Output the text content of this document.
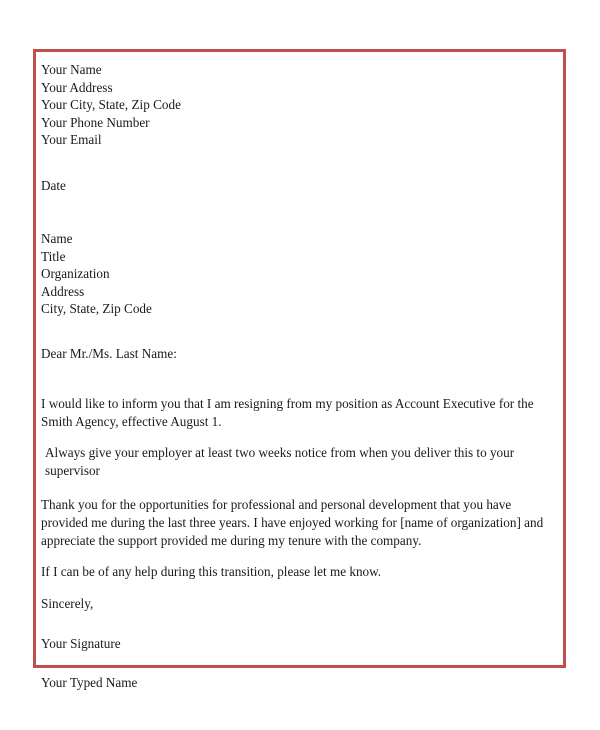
Your Name
Your Address
Your City, State, Zip Code
Your Phone Number
Your Email
Date
Name
Title
Organization
Address
City, State, Zip Code
Dear Mr./Ms. Last Name:

I would like to inform you that I am resigning from my position as Account Executive for the Smith Agency, effective August 1.

Always give your employer at least two weeks notice from when you deliver this to your supervisor

Thank you for the opportunities for professional and personal development that you have provided me during the last three years. I have enjoyed working for [name of organization] and appreciate the support provided me during my tenure with the company.

If I can be of any help during this transition, please let me know.

Sincerely,
Your Signature
Your Typed Name
